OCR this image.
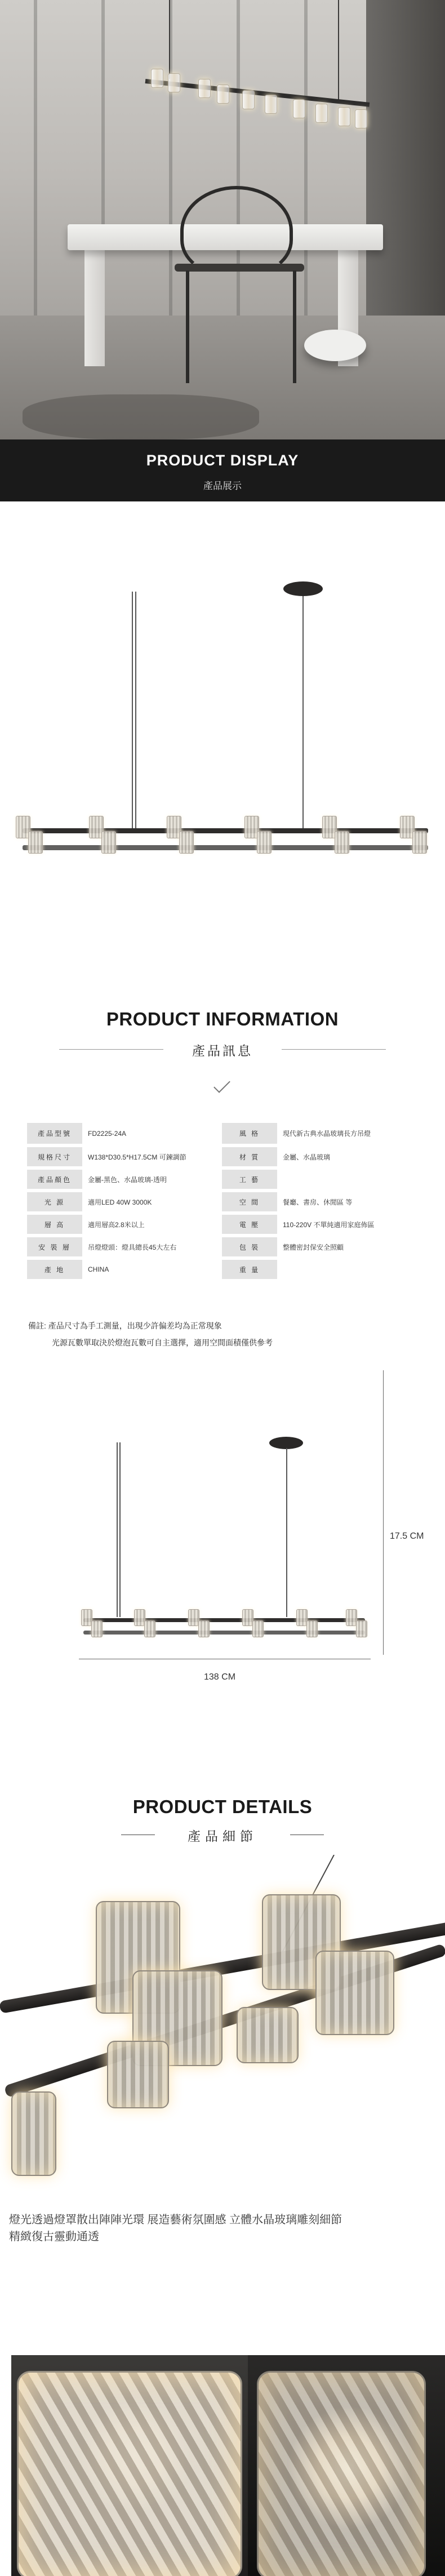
PRODUCT DISPLAY
產品展示
PRODUCT INFORMATION
產品訊息
產品型號	FD2225-24A	風 格	現代新古典水晶玻璃長方吊燈
規格尺寸	W138*D30.5*H17.5CM 可鍊調節	材 質	金屬、水晶玻璃
產品顏色	金屬-黑色、水晶玻璃-透明	工 藝	
光 源	適用LED 40W 3000K	空 間	餐廳、書房、休閒區 等
層 高	適用層高2.8米以上	電 壓	110-220V 不單純適用家庭佈區
安 裝 層	吊燈燈頭：燈具總長45大左右	包 裝	整體密封保安全照顧
產 地	CHINA	重 量	
備註: 產品尺寸為手工測量，出現少許偏差均為正常現象
光源瓦數單取決於燈泡瓦數可自主選擇，適用空間面積僅供參考
17.5 CM
138 CM
PRODUCT DETAILS
產品細節
燈光透過燈罩散出陣陣光環 展造藝術氛圍感 立體水晶玻璃雕刻細節
精緻復古靈動通透
